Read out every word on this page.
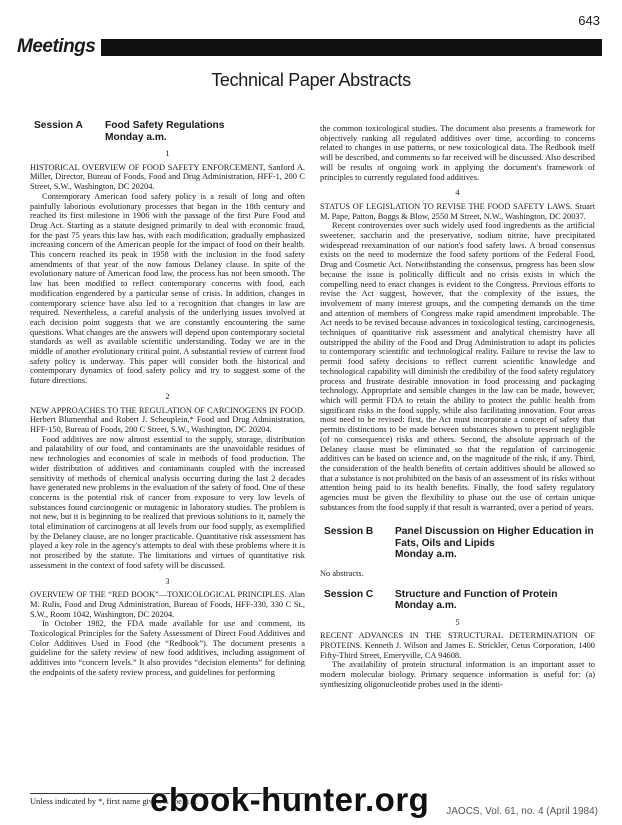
643
Meetings
Technical Paper Abstracts
Session A	Food Safety Regulations
Monday a.m.
1

HISTORICAL OVERVIEW OF FOOD SAFETY ENFORCEMENT, Sanford A. Miller, Director, Bureau of Foods, Food and Drug Administration, HFF-1, 200 C Street, S.W., Washington, DC 20204.

Contemporary American food safety policy is a result of long and often painfully laborious evolutionary processes that began in the 18th century and reached its first milestone in 1906 with the passage of the first Pure Food and Drug Act. Starting as a statute designed primarily to deal with economic fraud, for the past 75 years this law has, with each modification, gradually emphasized increasing concern of the American people for the impact of food on their health. This concern reached its peak in 1958 with the inclusion in the food safety amendments of that year of the now famous Delaney clause. In spite of the evolutionary nature of American food law, the process has not been smooth. The law has been modified to reflect contemporary concerns with food, each modification engendered by a particular sense of crisis. In addition, changes in contemporary science have also led to a recognition that changes in law are required. Nevertheless, a careful analysis of the underlying issues involved at each decision point suggests that we are constantly encountering the same questions. What changes are the answers will depend upon contemporary societal standards as well as available scientific understanding. Today we are in the middle of another evolutionary critical point. A substantial review of current food safety policy is underway. This paper will consider both the historical and contemporary dynamics of food safety policy and try to suggest some of the future directions.

2

NEW APPROACHES TO THE REGULATION OF CARCINOGENS IN FOOD. Herbert Blumenthal and Robert J. Scheuplein,* Food and Drug Administration, HFF-150, Bureau of Foods, 200 C Street, S.W., Washington, DC 20204.

Food additives are now almost essential to the supply, storage, distribution and palatability of our food, and contaminants are the unavoidable residues of new technologies and economies of scale in methods of food production. The wider distribution of additives and contaminants coupled with the increased sensitivity of methods of chemical analysis occurring during the last 2 decades have generated new problems in the evaluation of the safety of food. One of these concerns is the potential risk of cancer from exposure to very low levels of substances found carcinogenic or mutagenic in laboratory studies. The problem is not new, but it is beginning to be realized that previous solutions to it, namely the total elimination of carcinogens at all levels from our food supply, as exemplified by the Delaney clause, are no longer practicable. Quantitative risk assessment has played a key role in the agency's attempts to deal with these problems where it is not proscribed by the statute. The limitations and virtues of quantitative risk assessment in the context of food safety will be discussed.

3

OVERVIEW OF THE “RED BOOK”—TOXICOLOGICAL PRINCIPLES. Alan M. Rulis, Food and Drug Administration, Bureau of Foods, HFF-330, 330 C St., S.W., Room 1042, Washington, DC 20204.

In October 1982, the FDA made available for use and comment, its Toxicological Principles for the Safety Assessment of Direct Food Additives and Color Additives Used in Food (the “Redbook”). The document presents a guideline for the safety review of new food additives, including assignment of additives into “concern levels.” It also provides “decision elements” for defining the endpoints of the safety review process, and guidelines for performing

Unless indicated by *, first name given is speaker.

the common toxicological studies. The document also presents a framework for objectively ranking all regulated additives over time, according to concerns related to changes in use patterns, or new toxicological data. The Redbook itself will be described, and comments so far received will be discussed. Also described will be results of ongoing work in applying the document's framework of principles to currently regulated food additives.

4

STATUS OF LEGISLATION TO REVISE THE FOOD SAFETY LAWS. Stuart M. Pape, Patton, Boggs & Blow, 2550 M Street, N.W., Washington, DC 20037.

Recent controversies over such widely used food ingredients as the artificial sweetener, saccharin and the preservative, sodium nitrite, have precipitated widespread reexamination of our nation's food safety laws. A broad consensus exists on the need to modernize the food safety portions of the Federal Food, Drug and Cosmetic Act. Notwithstanding the consensus, progress has been slow because the issue is politically difficult and no crisis exists in which the compelling need to enact changes is evident to the Congress. Previous efforts to revise the Act suggest, however, that the complexity of the issues, the involvement of many interest groups, and the competing demands on the time and attention of members of Congress make rapid amendment improbable. The Act needs to be revised because advances in toxicological testing, carcinogenesis, techniques of quantitative risk assessment and analytical chemistry have all outstripped the ability of the Food and Drug Administration to adapt its policies to contemporary scientific and technological reality. Failure to revise the law to permit food safety decisions to reflect current scientific knowledge and technological capability will diminish the credibility of the food safety regulatory process and frustrate desirable innovation in food processing and packaging technology. Appropriate and sensible changes in the law can be made, however, which will permit FDA to retain the ability to protect the public health from significant risks in the food supply, while also facilitating innovation. Four areas most need to be revised: first, the Act must incorporate a concept of safety that permits distinctions to be made between substances shown to present negligible (of no consequence) risks and others. Second, the absolute approach of the Delaney clause must be eliminated so that the regulation of carcinogenic additives can be based on science and, on the magnitude of the risk, if any. Third, the consideration of the health benefits of certain additives should be allowed so that a substance is not prohibited on the basis of an assessment of its risks without attention being paid to its health benefits. Finally, the food safety regulatory agencies must be given the flexibility to phase out the use of certain unique substances from the food supply if that result is warranted, over a period of years.

Session B	Panel Discussion on Higher Education in Fats, Oils and Lipids
Monday a.m.
No abstracts.
Session C	Structure and Function of Protein
Monday a.m.
5

RECENT ADVANCES IN THE STRUCTURAL DETERMINATION OF PROTEINS. Kenneth J. Wilson and James E. Strickler, Cetus Corporation, 1400 Fifty-Third Street, Emeryville, CA 94608.

The availability of protein structural information is an important asset to modern molecular biology. Primary sequence information is useful for: (a) synthesizing oligonucleotide probes used in the identi-

JAOCS, Vol. 61, no. 4 (April 1984)
ebook-hunter.org
